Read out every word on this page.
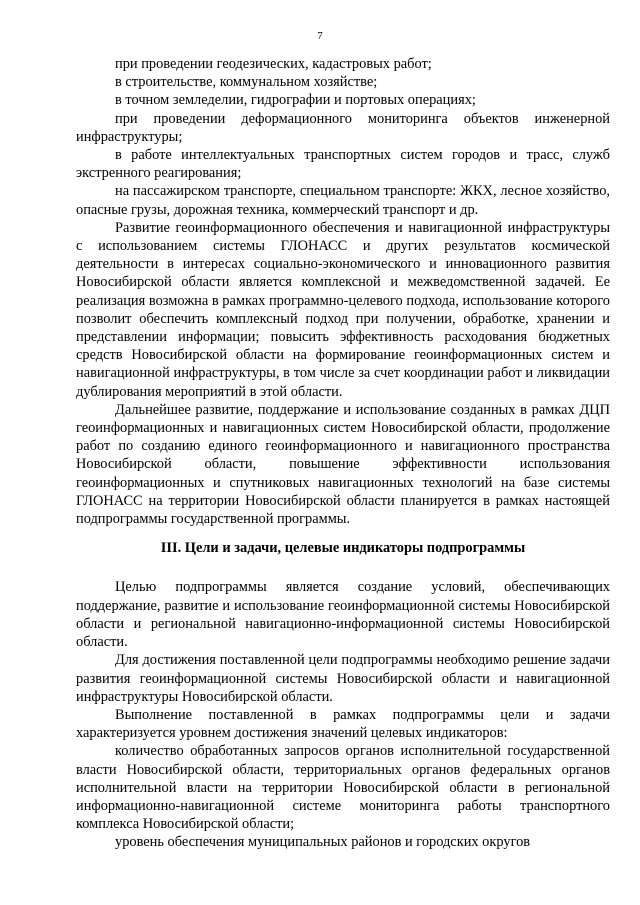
7

при проведении геодезических, кадастровых работ;

в строительстве, коммунальном хозяйстве;

в точном земледелии, гидрографии и портовых операциях;

при проведении деформационного мониторинга объектов инженерной инфраструктуры;

в работе интеллектуальных транспортных систем городов и трасс, служб экстренного реагирования;

на пассажирском транспорте, специальном транспорте: ЖКХ, лесное хозяйство, опасные грузы, дорожная техника, коммерческий транспорт и др.

Развитие геоинформационного обеспечения и навигационной инфраструктуры с использованием системы ГЛОНАСС и других результатов космической деятельности в интересах социально-экономического и инновационного развития Новосибирской области является комплексной и межведомственной задачей. Ее реализация возможна в рамках программно-целевого подхода, использование которого позволит обеспечить комплексный подход при получении, обработке, хранении и представлении информации; повысить эффективность расходования бюджетных средств Новосибирской области на формирование геоинформационных систем и навигационной инфраструктуры, в том числе за счет координации работ и ликвидации дублирования мероприятий в этой области.

Дальнейшее развитие, поддержание и использование созданных в рамках ДЦП геоинформационных и навигационных систем Новосибирской области, продолжение работ по созданию единого геоинформационного и навигационного пространства Новосибирской области, повышение эффективности использования геоинформационных и спутниковых навигационных технологий на базе системы ГЛОНАСС на территории Новосибирской области планируется в рамках настоящей подпрограммы государственной программы.

III. Цели и задачи, целевые индикаторы подпрограммы

Целью подпрограммы является создание условий, обеспечивающих поддержание, развитие и использование геоинформационной системы Новосибирской области и региональной навигационно-информационной системы Новосибирской области.

Для достижения поставленной цели подпрограммы необходимо решение задачи развития геоинформационной системы Новосибирской области и навигационной инфраструктуры Новосибирской области.

Выполнение поставленной в рамках подпрограммы цели и задачи характеризуется уровнем достижения значений целевых индикаторов:

количество обработанных запросов органов исполнительной государственной власти Новосибирской области, территориальных органов федеральных органов исполнительной власти на территории Новосибирской области в региональной информационно-навигационной системе мониторинга работы транспортного комплекса Новосибирской области;

уровень обеспечения муниципальных районов и городских округов
